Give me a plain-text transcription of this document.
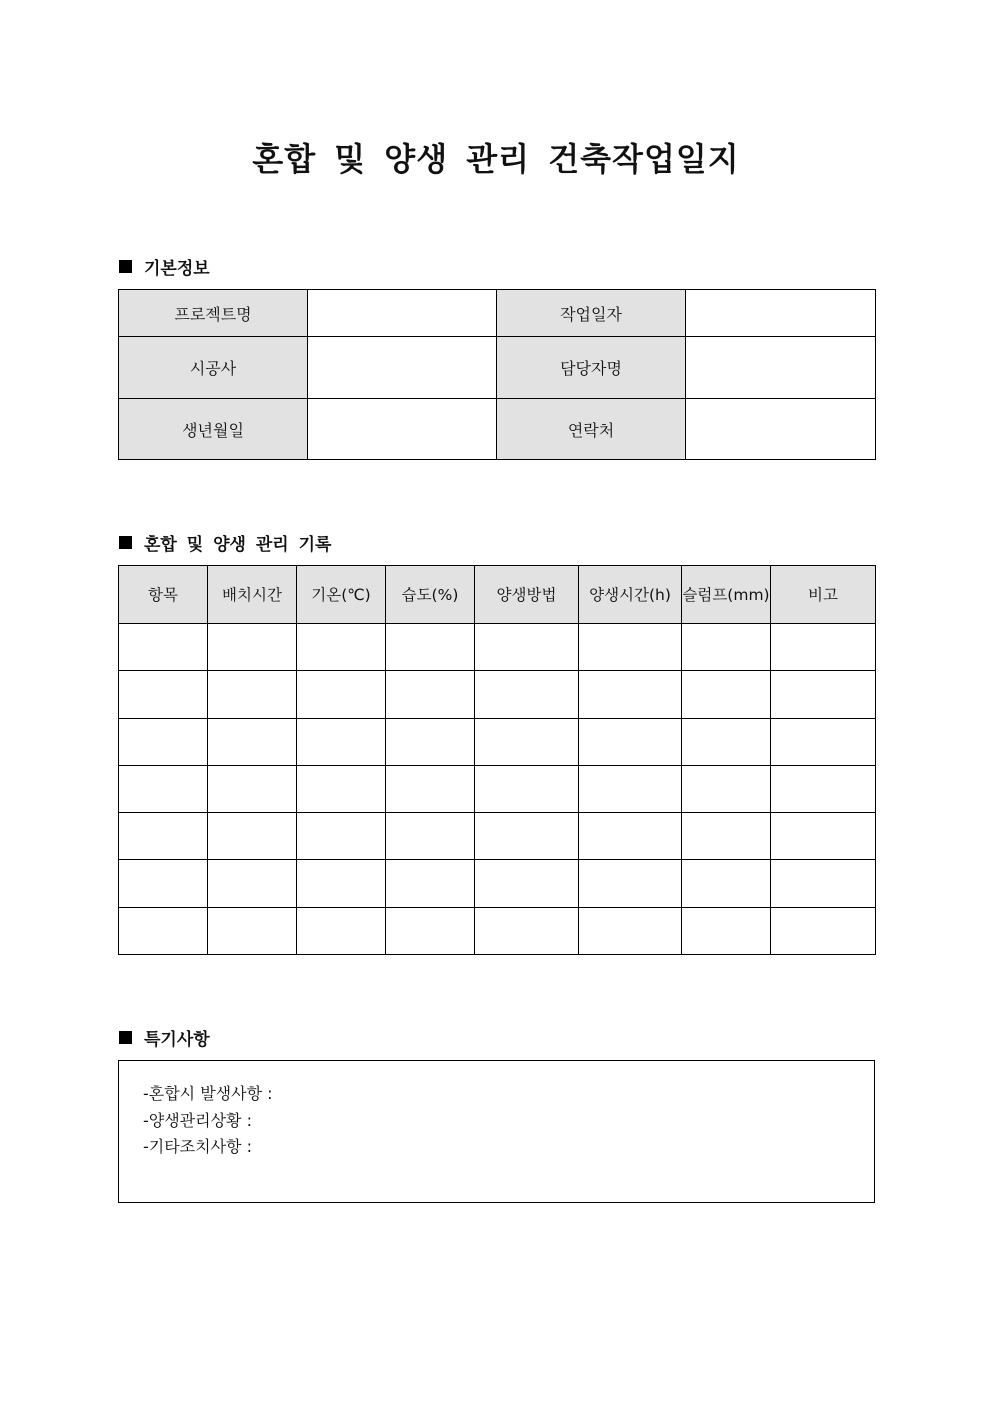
혼합 및 양생 관리 건축작업일지
기본정보
프로젝트명		작업일자	
시공사		담당자명	
생년월일		연락처	
혼합 및 양생 관리 기록
항목	배치시간	기온(℃)	습도(%)	양생방법	양생시간(h)	슬럼프(mm)	비고

특기사항
-혼합시 발생사항 :
-양생관리상황 :
-기타조치사항 :
